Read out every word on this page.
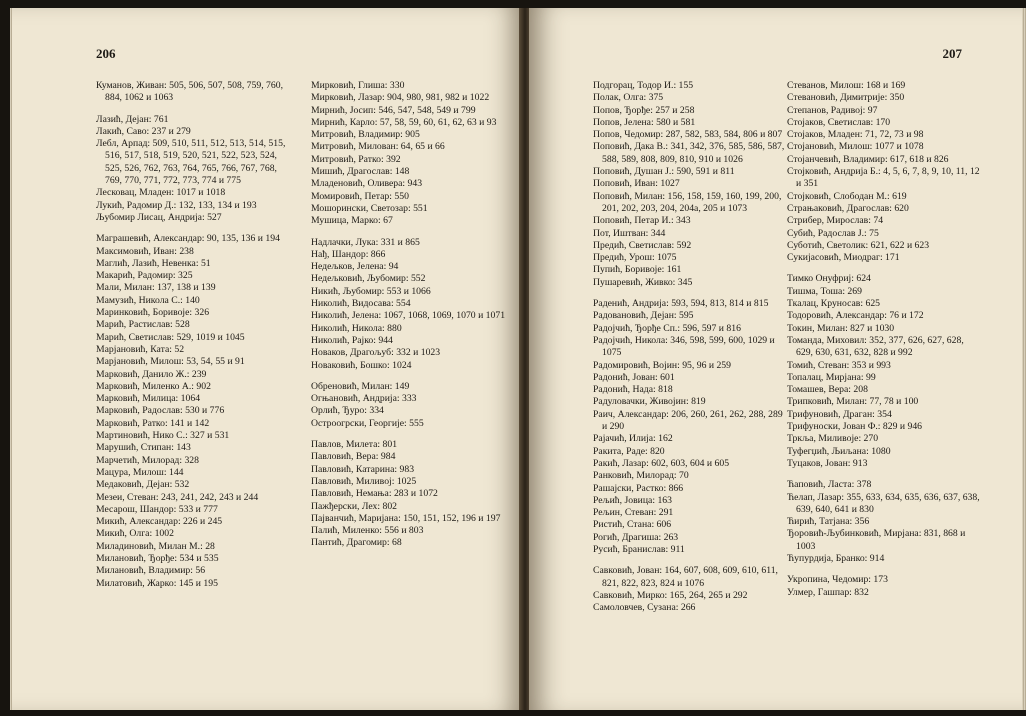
206
Куманов, Живан: 505, 506, 507, 508, 759, 760, 884, 1062 и 1063
Лазић, Дејан: 761
Лакић, Саво: 237 и 279
Лебл, Арпад: 509, 510, 511, 512, 513, 514, 515, 516, 517, 518, 519, 520, 521, 522, 523, 524, 525, 526, 762, 763, 764, 765, 766, 767, 768, 769, 770, 771, 772, 773, 774 и 775
Лесковац, Младен: 1017 и 1018
Лукић, Радомир Д.: 132, 133, 134 и 193
Љубомир Лисац, Андрија: 527
Маграшевић, Александар: 90, 135, 136 и 194
Максимовић, Иван: 238
Маглић, Лазић, Невенка: 51
Макарић, Радомир: 325
Мали, Милан: 137, 138 и 139
Мамузић, Никола С.: 140
Маринковић, Боривоје: 326
Марић, Растислав: 528
Марић, Светислав: 529, 1019 и 1045
Марјановић, Ката: 52
Марјановић, Милош: 53, 54, 55 и 91
Марковић, Данило Ж.: 239
Марковић, Миленко А.: 902
Марковић, Милица: 1064
Марковић, Радослав: 530 и 776
Марковић, Ратко: 141 и 142
Мартиновић, Нико С.: 327 и 531
Марушић, Стипан: 143
Марчетић, Милорад: 328
Мацура, Милош: 144
Медаковић, Дејан: 532
Мезеи, Стеван: 243, 241, 242, 243 и 244
Месарош, Шандор: 533 и 777
Микић, Александар: 226 и 245
Микић, Олга: 1002
Миладиновић, Милан М.: 28
Милановић, Ђорђе: 534 и 535
Милановић, Владимир: 56
Милатовић, Жарко: 145 и 195
Мирковић, Глиша: 330
Мирковић, Лазар: 904, 980, 981, 982 и 1022
Мирнић, Јосип: 546, 547, 548, 549 и 799
Мирнић, Карло: 57, 58, 59, 60, 61, 62, 63 и 93
Митровић, Владимир: 905
Митровић, Милован: 64, 65 и 66
Митровић, Ратко: 392
Мишић, Драгослав: 148
Младеновић, Оливера: 943
Момировић, Петар: 550
Мошорински, Светозар: 551
Мушица, Марко: 67
Надлачки, Лука: 331 и 865
Нађ, Шандор: 866
Недељков, Јелена: 94
Недељковић, Љубомир: 552
Никић, Љубомир: 553 и 1066
Николић, Видосава: 554
Николић, Јелена: 1067, 1068, 1069, 1070 и 1071
Николић, Никола: 880
Николић, Рајко: 944
Новаков, Драгољуб: 332 и 1023
Новаковић, Бошко: 1024
Обреновић, Милан: 149
Огњановић, Андрија: 333
Орлић, Ђуро: 334
Остроогрски, Георгије: 555
Павлов, Милета: 801
Павловић, Вера: 984
Павловић, Катарина: 983
Павловић, Миливој: 1025
Павловић, Немања: 283 и 1072
Пажђерски, Лех: 802
Пајванчић, Маријана: 150, 151, 152, 196 и 197
Палић, Миленко: 556 и 803
Пантић, Драгомир: 68
207
Подгорац, Тодор И.: 155
Полак, Олга: 375
Попов, Ђорђе: 257 и 258
Попов, Јелена: 580 и 581
Попов, Чедомир: 287, 582, 583, 584, 806 и 807
Поповић, Дака В.: 341, 342, 376, 585, 586, 587, 588, 589, 808, 809, 810, 910 и 1026
Поповић, Душан Ј.: 590, 591 и 811
Поповић, Иван: 1027
Поповић, Милан: 156, 158, 159, 160, 199, 200, 201, 202, 203, 204, 204а, 205 и 1073
Поповић, Петар И.: 343
Пот, Иштван: 344
Предић, Светислав: 592
Предић, Урош: 1075
Пупић, Боривоје: 161
Пушаревић, Живко: 345
Раденић, Андрија: 593, 594, 813, 814 и 815
Радовановић, Дејан: 595
Радојчић, Ђорђе Сп.: 596, 597 и 816
Радојчић, Никола: 346, 598, 599, 600, 1029 и 1075
Радомировић, Војин: 95, 96 и 259
Радонић, Јован: 601
Радонић, Нада: 818
Радуловачки, Живојин: 819
Раич, Александар: 206, 260, 261, 262, 288, 289 и 290
Рајачић, Илија: 162
Ракита, Раде: 820
Ракић, Лазар: 602, 603, 604 и 605
Ранковић, Милорад: 70
Рашајски, Растко: 866
Рељић, Јовица: 163
Рељин, Стеван: 291
Ристић, Стана: 606
Рогић, Драгиша: 263
Русић, Бранислав: 911
Савковић, Јован: 164, 607, 608, 609, 610, 611, 821, 822, 823, 824 и 1076
Савковић, Мирко: 165, 264, 265 и 292
Самоловчев, Сузана: 266
Стеванов, Милош: 168 и 169
Стевановић, Димитрије: 350
Степанов, Радивој: 97
Стојаков, Светислав: 170
Стојаков, Младен: 71, 72, 73 и 98
Стојановић, Милош: 1077 и 1078
Стојанчевић, Владимир: 617, 618 и 826
Стојковић, Андрија Б.: 4, 5, 6, 7, 8, 9, 10, 11, 12 и 351
Стојковић, Слободан М.: 619
Страњаковић, Драгослав: 620
Стрибер, Мирослав: 74
Субић, Радослав Ј.: 75
Суботић, Светолик: 621, 622 и 623
Сукијасовић, Миодраг: 171
Тимко Онуфриј: 624
Тишма, Тоша: 269
Ткалац, Круносав: 625
Тодоровић, Александар: 76 и 172
Токин, Милан: 827 и 1030
Томанда, Миховил: 352, 377, 626, 627, 628, 629, 630, 631, 632, 828 и 992
Томић, Стеван: 353 и 993
Топалац, Мирјана: 99
Томашев, Вера: 208
Трипковић, Милан: 77, 78 и 100
Трифуновић, Драган: 354
Трифуноски, Јован Ф.: 829 и 946
Тркља, Миливоје: 270
Туфегџић, Љиљана: 1080
Туцаков, Јован: 913
Ћаповић, Ласта: 378
Ћелап, Лазар: 355, 633, 634, 635, 636, 637, 638, 639, 640, 641 и 830
Ћирић, Татјана: 356
Ђоровић-Љубинковић, Мирјана: 831, 868 и 1003
Ћупурдија, Бранко: 914
Укропина, Чедомир: 173
Улмер, Гашпар: 832
